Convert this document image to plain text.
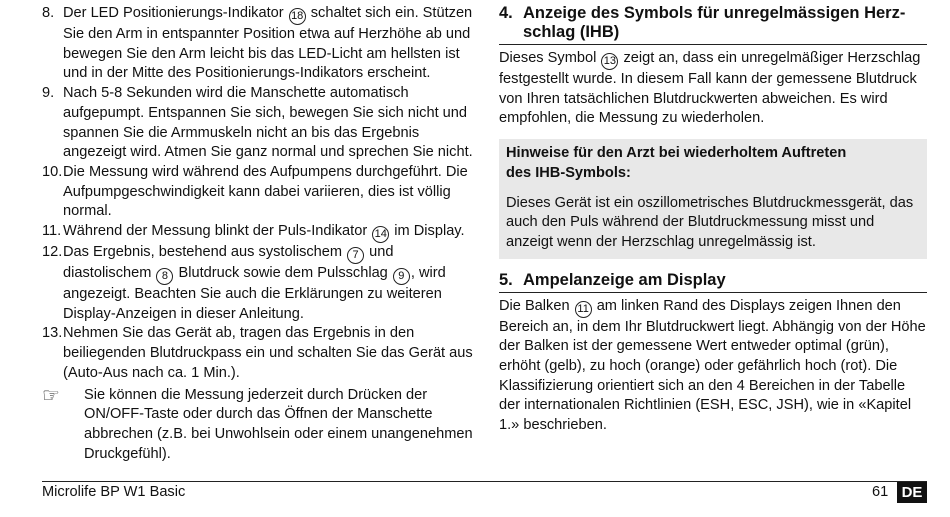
8. Der LED Positionierungs-Indikator 18 schaltet sich ein. Stützen Sie den Arm in entspannter Position etwa auf Herzhöhe ab und bewegen Sie den Arm leicht bis das LED-Licht am hellsten ist und in der Mitte des Positionierungs-Indikators erscheint.
9. Nach 5-8 Sekunden wird die Manschette automatisch aufgepumpt. Entspannen Sie sich, bewegen Sie sich nicht und spannen Sie die Armmuskeln nicht an bis das Ergebnis angezeigt wird. Atmen Sie ganz normal und sprechen Sie nicht.
10. Die Messung wird während des Aufpumpens durchgeführt. Die Aufpumpgeschwindigkeit kann dabei variieren, dies ist völlig normal.
11. Während der Messung blinkt der Puls-Indikator 14 im Display.
12. Das Ergebnis, bestehend aus systolischem 7 und diastolischem 8 Blutdruck sowie dem Pulsschlag 9 , wird angezeigt. Beachten Sie auch die Erklärungen zu weiteren Display-Anzeigen in dieser Anleitung.
13. Nehmen Sie das Gerät ab, tragen das Ergebnis in den beiliegenden Blutdruckpass ein und schalten Sie das Gerät aus (Auto-Aus nach ca. 1 Min.).
☞ Sie können die Messung jederzeit durch Drücken der ON/OFF-Taste oder durch das Öffnen der Manschette abbrechen (z.B. bei Unwohlsein oder einem unangenehmen Druckgefühl).
4. Anzeige des Symbols für unregelmässigen Herz-
schlag (IHB)

Dieses Symbol 13 zeigt an, dass ein unregelmäßiger Herzschlag festgestellt wurde. In diesem Fall kann der gemessene Blutdruck von Ihren tatsächlichen Blutdruckwerten abweichen. Es wird empfohlen, die Messung zu wiederholen.

Hinweise für den Arzt bei wiederholtem Auftreten
des IHB-Symbols:
Dieses Gerät ist ein oszillometrisches Blutdruckmessgerät, das auch den Puls während der Blutdruckmessung misst und anzeigt wenn der Herzschlag unregelmässig ist.
5. Ampelanzeige am Display

Die Balken 11 am linken Rand des Displays zeigen Ihnen den Bereich an, in dem Ihr Blutdruckwert liegt. Abhängig von der Höhe der Balken ist der gemessene Wert entweder optimal (grün), erhöht (gelb), zu hoch (orange) oder gefährlich hoch (rot). Die Klassifizierung orientiert sich an den 4 Bereichen in der Tabelle der internationalen Richtlinien (ESH, ESC, JSH), wie in «Kapitel 1.» beschrieben.

Microlife BP W1 Basic	61 DE
